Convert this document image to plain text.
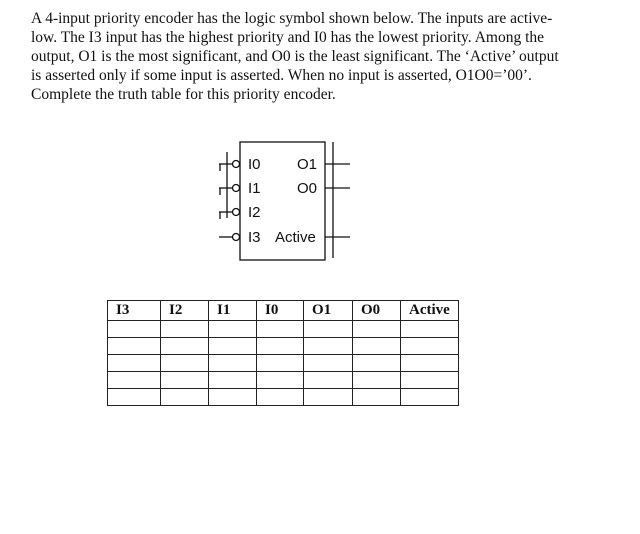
A 4-input priority encoder has the logic symbol shown below. The inputs are active-
low. The I3 input has the highest priority and I0 has the lowest priority. Among the
output, O1 is the most significant, and O0 is the least significant. The ‘Active’ output
is asserted only if some input is asserted. When no input is asserted, O1O0=’00’.
Complete the truth table for this priority encoder.
I0
I1
I2
I3
O1
O0
Active
I3	I2	I1	I0	O1	O0	Active
